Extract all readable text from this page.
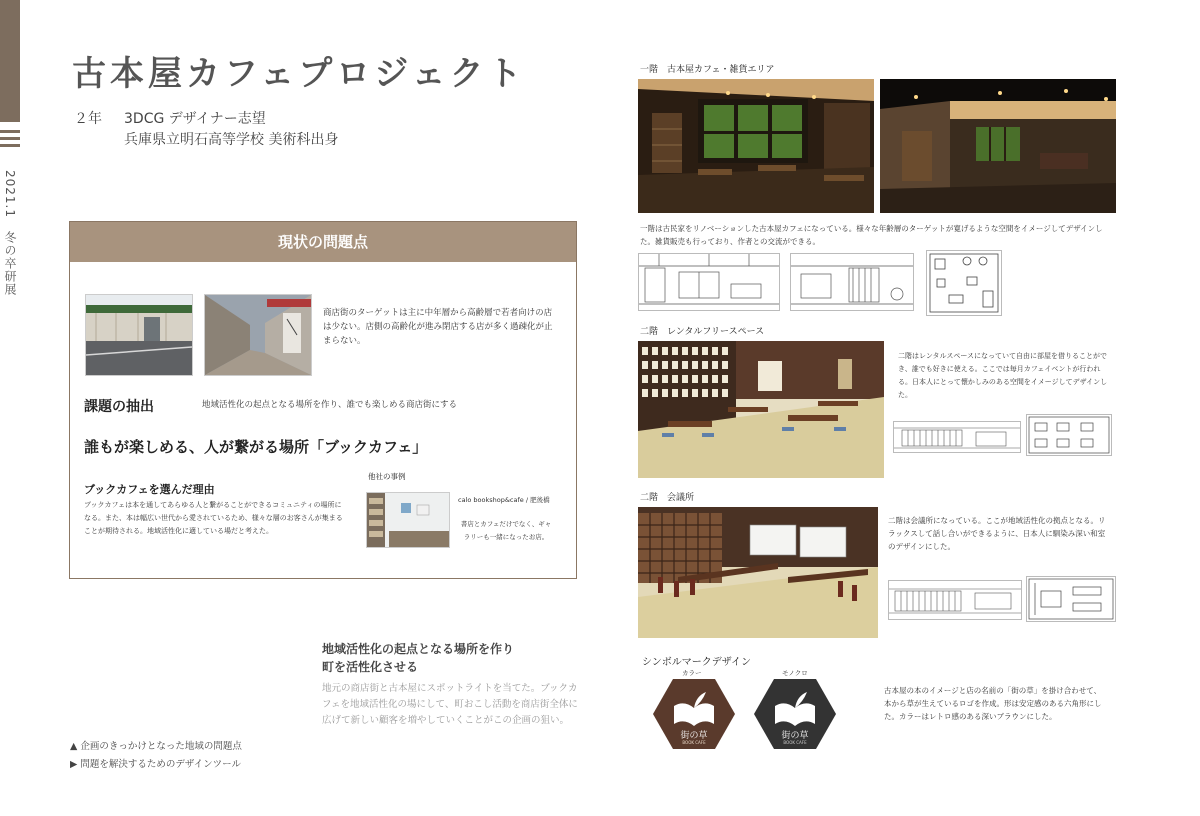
2021.1　冬の卒研展
古本屋カフェプロジェクト
２年 3DCG デザイナー志望
兵庫県立明石高等学校 美術科出身
現状の問題点
商店街のターゲットは主に中年層から高齢層で若者向けの店は少ない。店側の高齢化が進み閉店する店が多く過疎化が止まらない。
課題の抽出	地域活性化の起点となる場所を作り、誰でも楽しめる商店街にする
誰もが楽しめる、人が繋がる場所「ブックカフェ」
他社の事例
ブックカフェを選んだ理由
ブックカフェは本を通してあらゆる人と繋がることができるコミュニティの場所になる。また、本は幅広い世代から愛されているため、様々な層のお客さんが集まることが期待される。地域活性化に適している場だと考えた。
calo bookshop&cafe / 肥後橋
書店とカフェだけでなく、ギャラリーも一緒になったお店。
地域活性化の起点となる場所を作り
町を活性化させる
地元の商店街と古本屋にスポットライトを当てた。ブックカフェを地域活性化の場にして、町おこし活動を商店街全体に広げて新しい顧客を増やしていくことがこの企画の狙い。
▲ 企画のきっかけとなった地域の問題点
▶ 問題を解決するためのデザインツール
一階　古本屋カフェ・雑貨エリア
一階は古民家をリノベーションした古本屋カフェになっている。様々な年齢層のターゲットが寛げるような空間をイメージしてデザインした。雑貨販売も行っており、作者との交流ができる。
二階　レンタルフリースペース
二階はレンタルスペースになっていて自由に部屋を借りることができ、誰でも好きに使える。ここでは毎月カフェイベントが行われる。日本人にとって懐かしみのある空間をイメージしてデザインした。
二階　会議所
二階は会議所になっている。ここが地域活性化の拠点となる。リラックスして話し合いができるように、日本人に馴染み深い和室のデザインにした。
シンボルマークデザイン
カラー	モノクロ
街の草
BOOK CAFE
街の草
BOOK CAFE
古本屋の本のイメージと店の名前の「街の草」を掛け合わせて、本から草が生えているロゴを作成。形は安定感のある六角形にした。カラーはレトロ感のある深いブラウンにした。
